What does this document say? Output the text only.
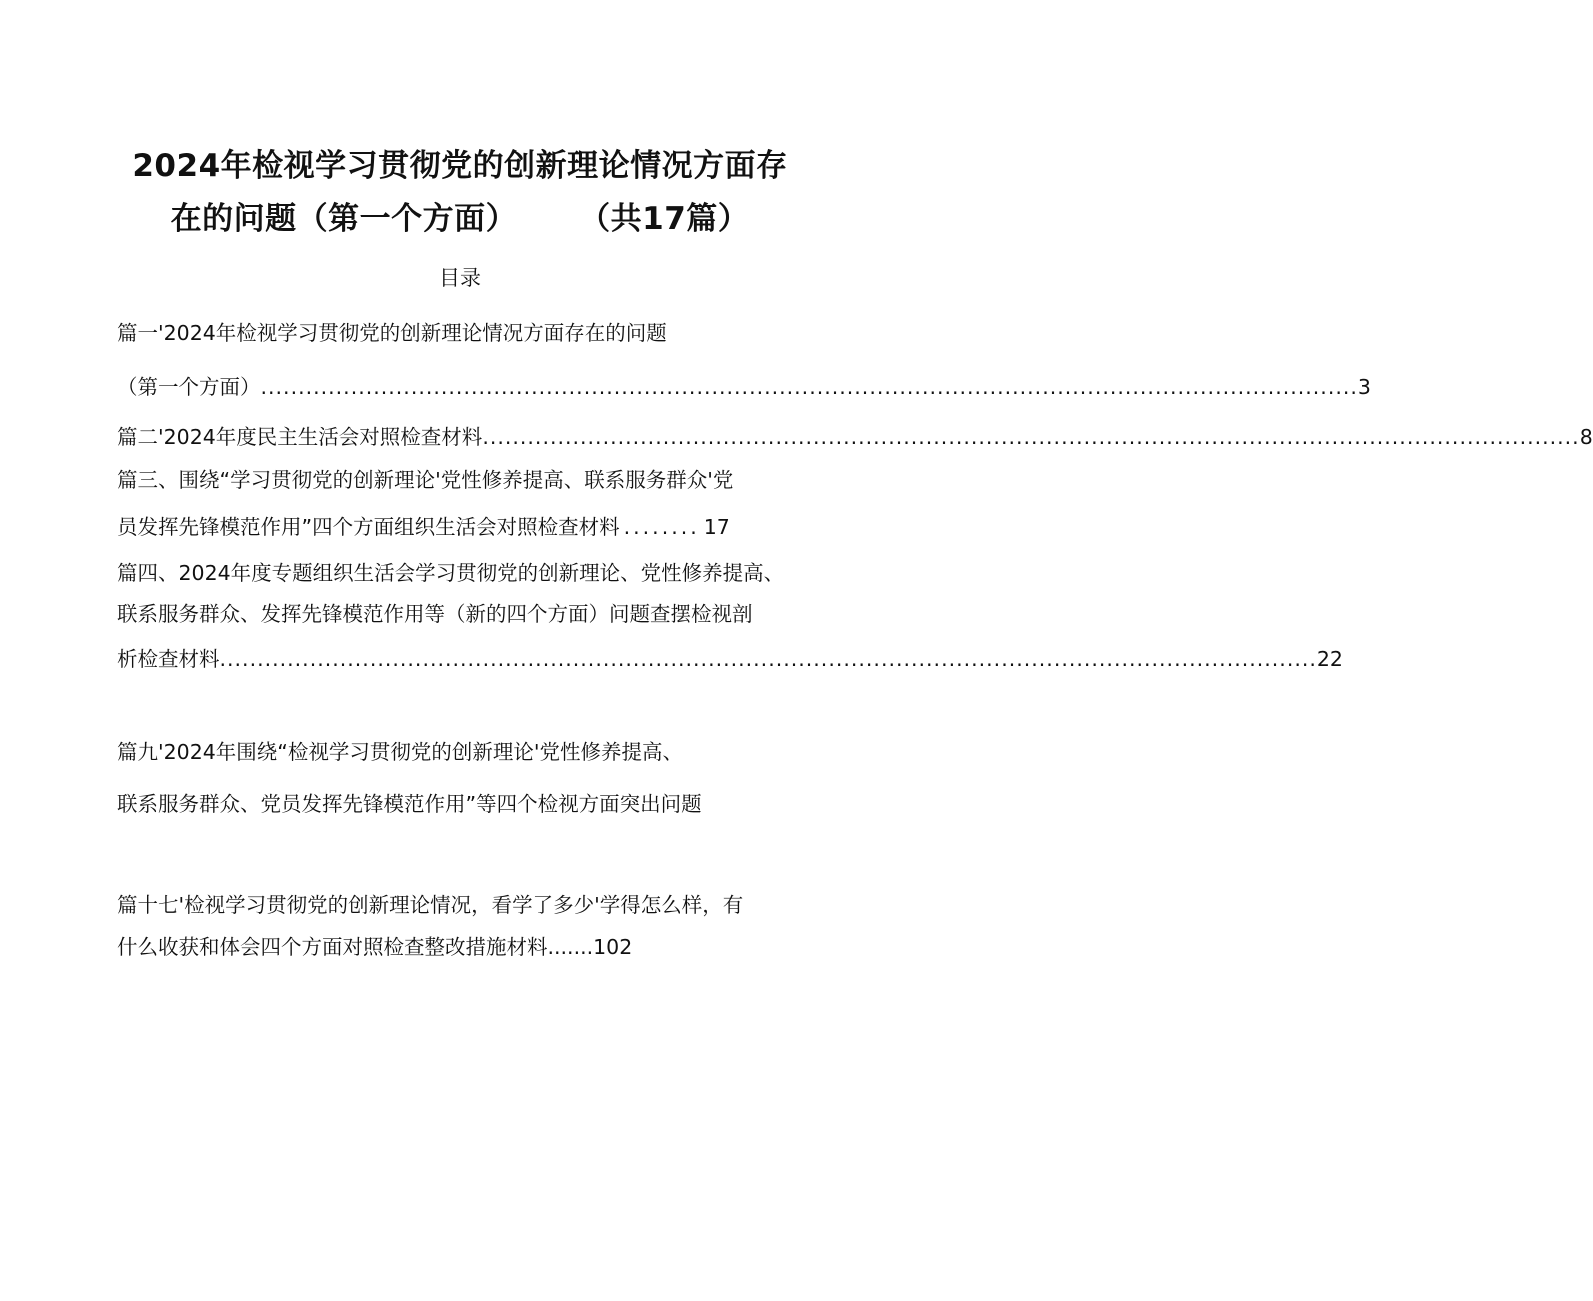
2024年检视学习贯彻党的创新理论情况方面存
在的问题（第一个方面） （共17篇）
目录
篇一'2024年检视学习贯彻党的创新理论情况方面存在的问题
（第一个方面） .................................................................................................................................................. 3
篇二'2024年度民主生活会对照检查材料 .................................................................................................................................................. 8
篇三、围绕“学习贯彻党的创新理论'党性修养提高、联系服务群众'党
员发挥先锋模范作用”四个方面组织生活会对照检查材料 ........ 17
篇四、2024年度专题组织生活会学习贯彻党的创新理论、党性修养提高、
联系服务群众、发挥先锋模范作用等（新的四个方面）问题查摆检视剖
析检查材料 .................................................................................................................................................. 22
篇九'2024年围绕“检视学习贯彻党的创新理论'党性修养提高、
联系服务群众、党员发挥先锋模范作用”等四个检视方面突出问题
篇十七'检视学习贯彻党的创新理论情况，看学了多少'学得怎么样，有
什么收获和体会四个方面对照检查整改措施材料.......102
